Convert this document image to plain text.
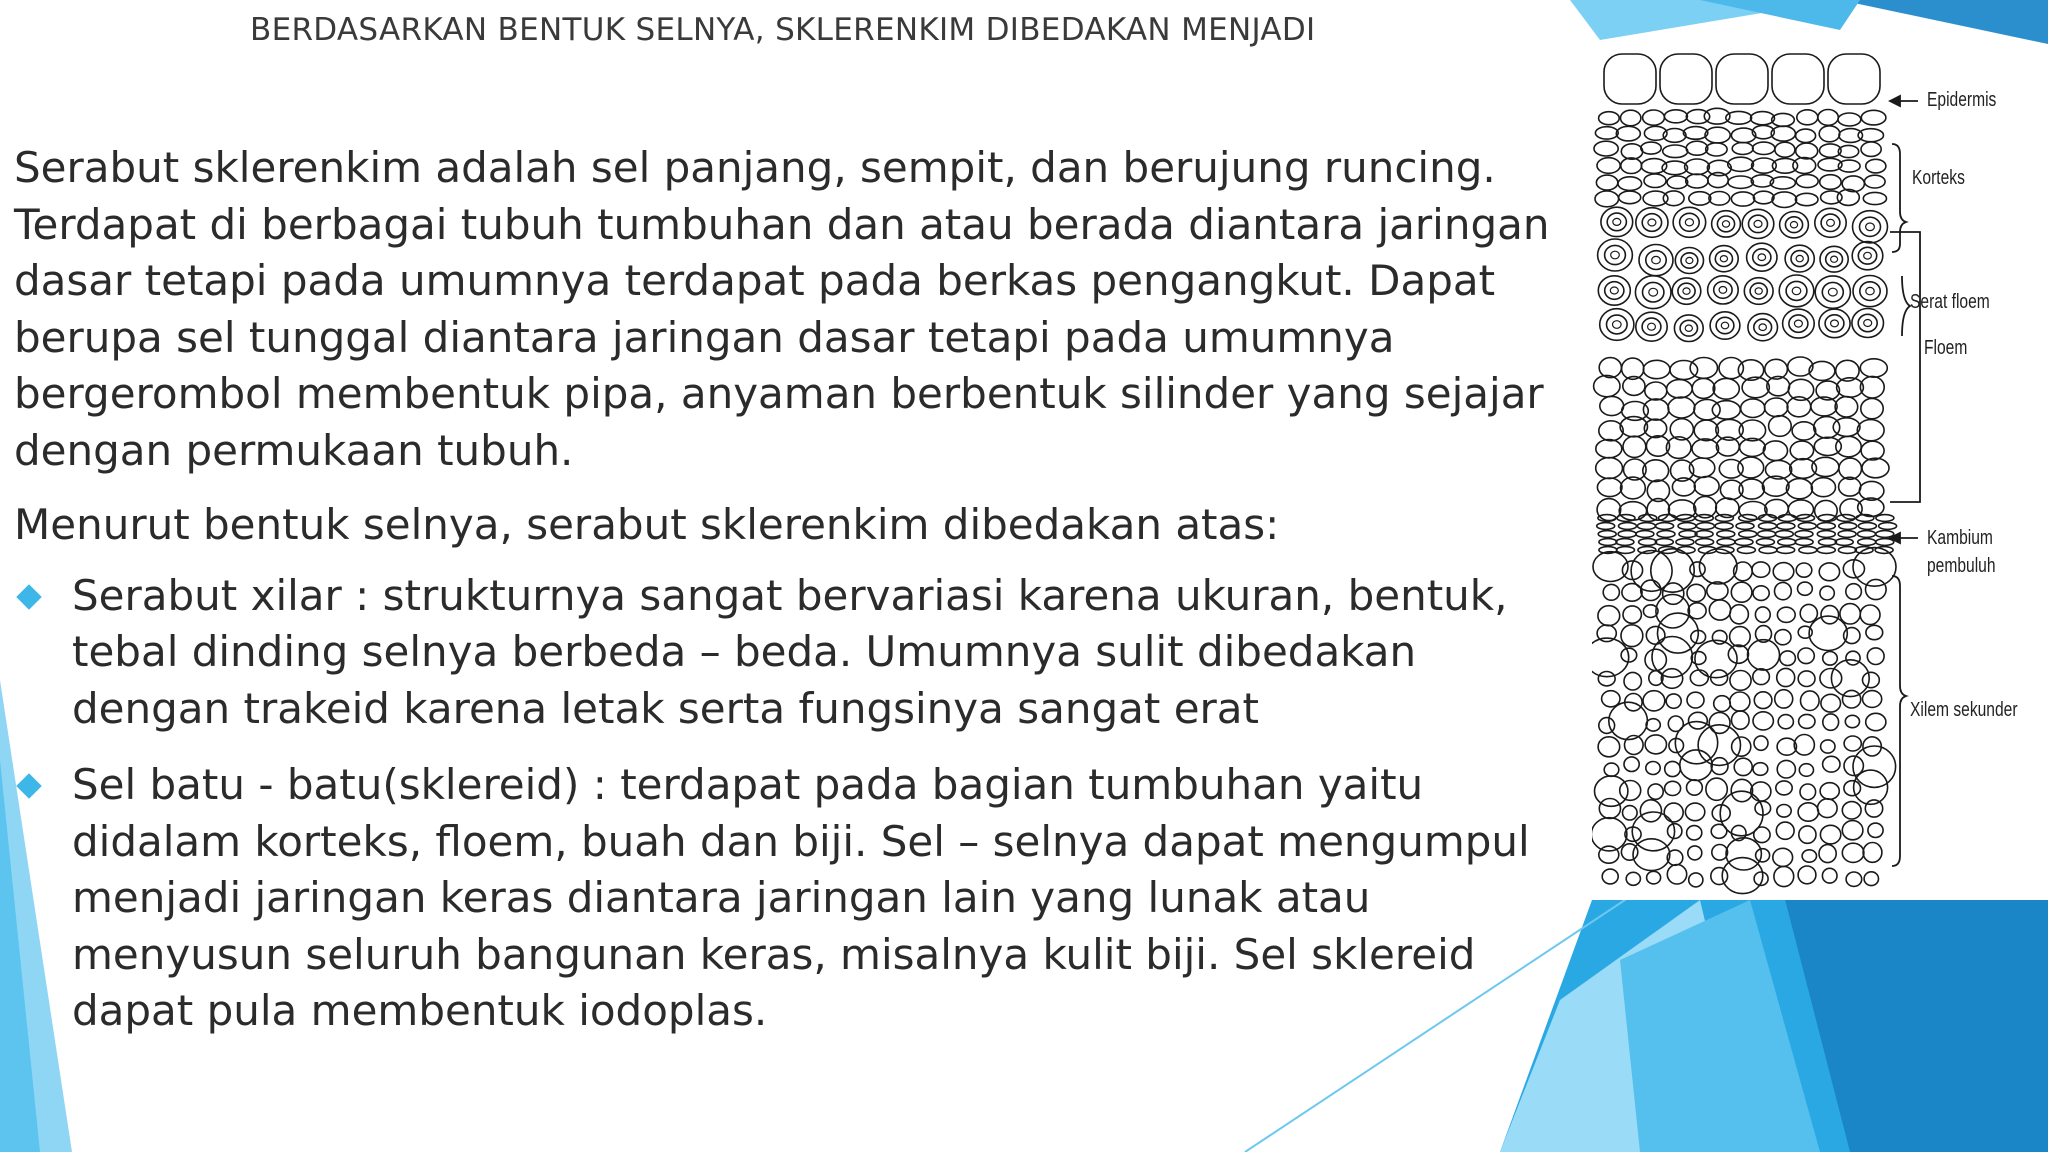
BERDASARKAN BENTUK SELNYA, SKLERENKIM DIBEDAKAN MENJADI

Serabut sklerenkim adalah sel panjang, sempit, dan berujung runcing. Terdapat di berbagai tubuh tumbuhan dan atau berada diantara jaringan dasar tetapi pada umumnya terdapat pada berkas pengangkut. Dapat berupa sel tunggal diantara jaringan dasar tetapi pada umumnya bergerombol membentuk pipa, anyaman berbentuk silinder yang sejajar dengan permukaan tubuh.

Menurut bentuk selnya, serabut sklerenkim dibedakan atas:

Serabut xilar : strukturnya sangat bervariasi karena ukuran, bentuk, tebal dinding selnya berbeda – beda. Umumnya sulit dibedakan dengan trakeid karena letak serta fungsinya sangat erat
Sel batu - batu(sklereid) : terdapat pada bagian tumbuhan yaitu didalam korteks, floem, buah dan biji. Sel – selnya dapat mengumpul menjadi jaringan keras diantara jaringan lain yang lunak atau menyusun seluruh bangunan keras, misalnya kulit biji. Sel sklereid dapat pula membentuk iodoplas.
Epidermis
Korteks
Serat floem
Floem
Kambium
pembuluh
Xilem sekunder
